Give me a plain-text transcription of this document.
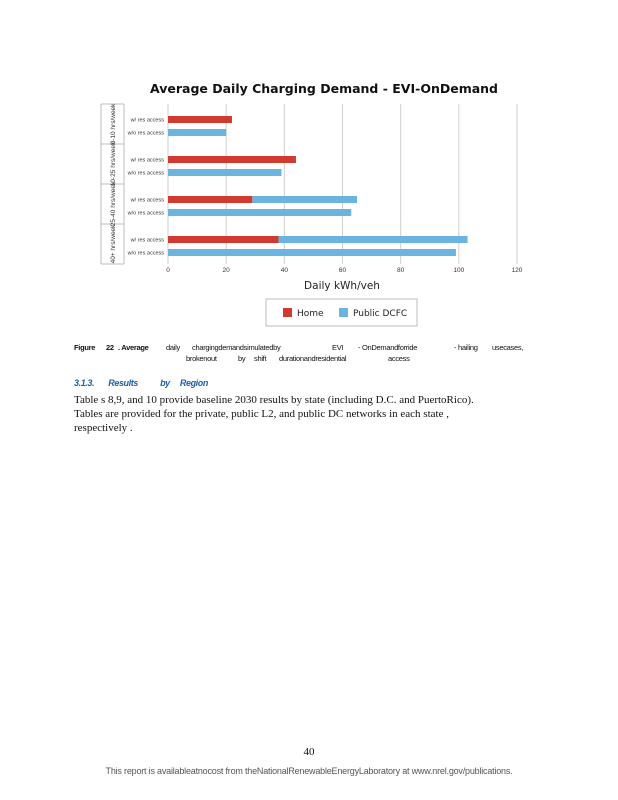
Average Daily Charging Demand - EVI-OnDemand
0	20	40	60	80	100	120
0-10 hrs/week w/ res access
w/o res access
10-25 hrs/week w/ res access
w/o res access
25-40 hrs/week w/ res access
w/o res access
40+ hrs/week w/ res access
w/o res access
Daily kWh/veh
Home	Public DCFC
Figure 22 . Average daily chargingdemandsimulatedby	EVI - OnDemandforride	- hailing usecases,
brokenout	by shift durationandresidential	access
3.1.3. Results by Region
Table s 8,9, and 10 provide baseline 2030 results by state (including D.C. and PuertoRico).
Tables are provided for the private, public L2, and public DC networks in each state ,
respectively .
40
This report is availableatnocost from theNationalRenewableEnergyLaboratory at www.nrel.gov/publications.
